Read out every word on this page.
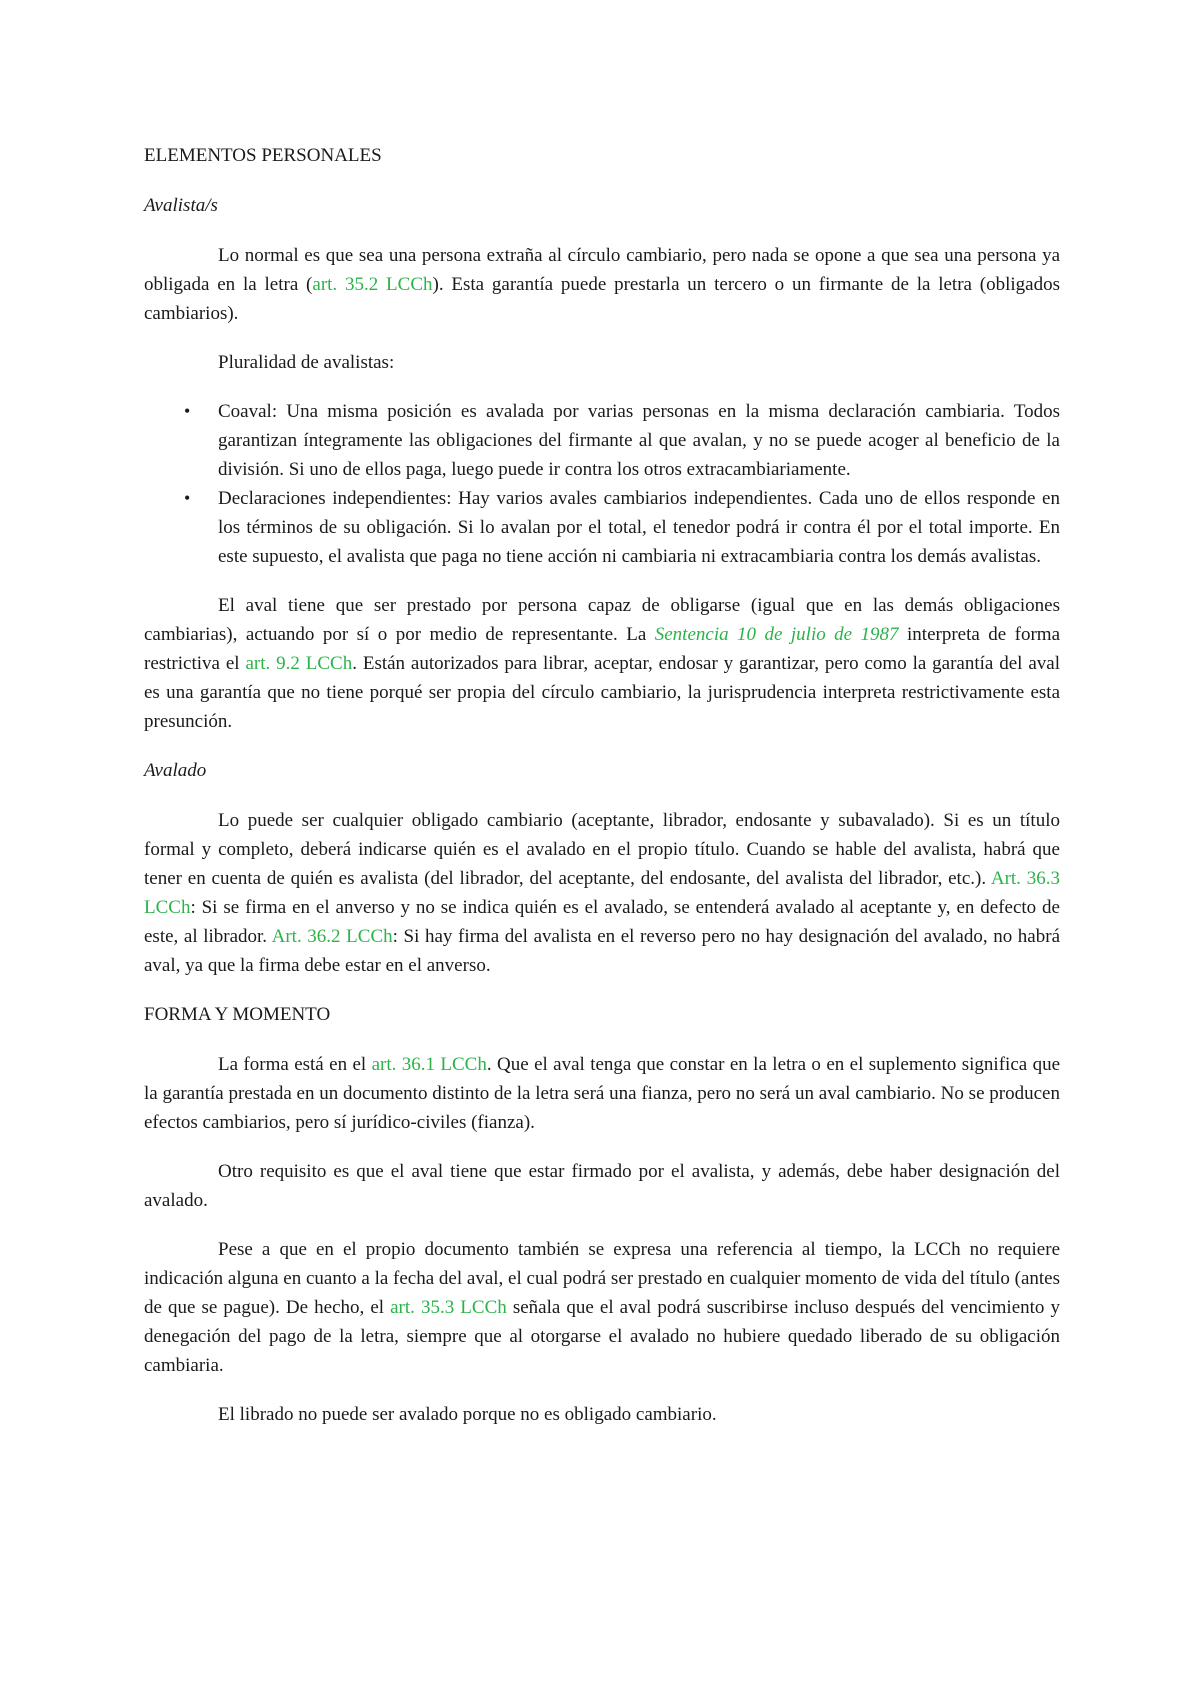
ELEMENTOS PERSONALES

Avalista/s

Lo normal es que sea una persona extraña al círculo cambiario, pero nada se opone a que sea una persona ya obligada en la letra (art. 35.2 LCCh). Esta garantía puede prestarla un tercero o un firmante de la letra (obligados cambiarios).

Pluralidad de avalistas:

• Coaval: Una misma posición es avalada por varias personas en la misma declaración cambiaria. Todos garantizan íntegramente las obligaciones del firmante al que avalan, y no se puede acoger al beneficio de la división. Si uno de ellos paga, luego puede ir contra los otros extracambiariamente.
• Declaraciones independientes: Hay varios avales cambiarios independientes. Cada uno de ellos responde en los términos de su obligación. Si lo avalan por el total, el tenedor podrá ir contra él por el total importe. En este supuesto, el avalista que paga no tiene acción ni cambiaria ni extracambiaria contra los demás avalistas.

El aval tiene que ser prestado por persona capaz de obligarse (igual que en las demás obligaciones cambiarias), actuando por sí o por medio de representante. La Sentencia 10 de julio de 1987 interpreta de forma restrictiva el art. 9.2 LCCh. Están autorizados para librar, aceptar, endosar y garantizar, pero como la garantía del aval es una garantía que no tiene porqué ser propia del círculo cambiario, la jurisprudencia interpreta restrictivamente esta presunción.

Avalado

Lo puede ser cualquier obligado cambiario (aceptante, librador, endosante y subavalado). Si es un título formal y completo, deberá indicarse quién es el avalado en el propio título. Cuando se hable del avalista, habrá que tener en cuenta de quién es avalista (del librador, del aceptante, del endosante, del avalista del librador, etc.). Art. 36.3 LCCh: Si se firma en el anverso y no se indica quién es el avalado, se entenderá avalado al aceptante y, en defecto de este, al librador. Art. 36.2 LCCh: Si hay firma del avalista en el reverso pero no hay designación del avalado, no habrá aval, ya que la firma debe estar en el anverso.

FORMA Y MOMENTO

La forma está en el art. 36.1 LCCh. Que el aval tenga que constar en la letra o en el suplemento significa que la garantía prestada en un documento distinto de la letra será una fianza, pero no será un aval cambiario. No se producen efectos cambiarios, pero sí jurídico-civiles (fianza).

Otro requisito es que el aval tiene que estar firmado por el avalista, y además, debe haber designación del avalado.

Pese a que en el propio documento también se expresa una referencia al tiempo, la LCCh no requiere indicación alguna en cuanto a la fecha del aval, el cual podrá ser prestado en cualquier momento de vida del título (antes de que se pague). De hecho, el art. 35.3 LCCh señala que el aval podrá suscribirse incluso después del vencimiento y denegación del pago de la letra, siempre que al otorgarse el avalado no hubiere quedado liberado de su obligación cambiaria.

El librado no puede ser avalado porque no es obligado cambiario.
